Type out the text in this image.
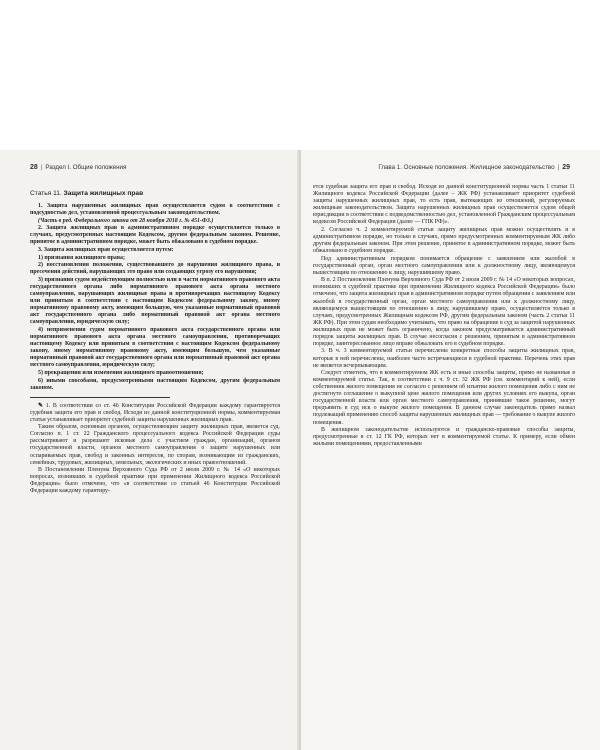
28 | Раздел I. Общие положения

Статья 11. Защита жилищных прав

1. Защита нарушенных жилищных прав осуществляется судом в соответствии с подсудностью дел, установленной процессуальным законодательством.

(Часть в ред. Федерального закона от 28 ноября 2018 г. № 451-ФЗ.)

2. Защита жилищных прав в административном порядке осуществляется только в случаях, предусмотренных настоящим Кодексом, другим федеральным законом. Решение, принятое в административном порядке, может быть обжаловано в судебном порядке.

3. Защита жилищных прав осуществляется путем:

1) признания жилищного права;

2) восстановления положения, существовавшего до нарушения жилищного права, и пресечения действий, нарушающих это право или создающих угрозу его нарушения;

3) признания судом недействующим полностью или в части нормативного правового акта государственного органа либо нормативного правового акта органа местного самоуправления, нарушающих жилищные права и противоречащих настоящему Кодексу или принятым в соответствии с настоящим Кодексом федеральному закону, иному нормативному правовому акту, имеющим большую, чем указанные нормативный правовой акт государственного органа либо нормативный правовой акт органа местного самоуправления, юридическую силу;

4) неприменения судом нормативного правового акта государственного органа или нормативного правового акта органа местного самоуправления, противоречащих настоящему Кодексу или принятым в соответствии с настоящим Кодексом федеральному закону, иному нормативному правовому акту, имеющим большую, чем указанные нормативный правовой акт государственного органа или нормативный правовой акт органа местного самоуправления, юридическую силу;

5) прекращения или изменения жилищного правоотношения;

6) иными способами, предусмотренными настоящим Кодексом, другим федеральным законом.

✎ 1. В соответствии со ст. 46 Конституции Российской Федерации каждому гарантируется судебная защита его прав и свобод. Исходя из данной конституционной нормы, комментируемая статья устанавливает приоритет судебной защиты нарушенных жилищных прав.

Таким образом, основным органом, осуществляющим защиту жилищных прав, является суд. Согласно п. 1 ст. 22 Гражданского процессуального кодекса Российской Федерации суды рассматривают и разрешают исковые дела с участием граждан, организаций, органов государственной власти, органов местного самоуправления о защите нарушенных или оспариваемых прав, свобод и законных интересов, по спорам, возникающим из гражданских, семейных, трудовых, жилищных, земельных, экологических и иных правоотношений.

В Постановлении Пленума Верховного Суда РФ от 2 июля 2009 г. № 14 «О некоторых вопросах, возникших в судебной практике при применении Жилищного кодекса Российской Федерации» было отмечено, что «в соответствии со статьей 46 Конституции Российской Федерации каждому гарантиру-

Глава 1. Основные положения. Жилищное законодательство | 29

ется судебная защита его прав и свобод. Исходя из данной конституционной нормы часть 1 статьи 11 Жилищного кодекса Российской Федерации (далее – ЖК РФ) устанавливает приоритет судебной защиты нарушенных жилищных прав, то есть прав, вытекающих из отношений, регулируемых жилищным законодательством. Защита нарушенных жилищных прав осуществляется судом общей юрисдикции в соответствии с подведомственностью дел, установленной Гражданским процессуальным кодексом Российской Федерации (далее — ГПК РФ)».

2. Согласно ч. 2 комментируемой статьи защиту жилищных прав можно осуществлять и в административном порядке, но только в случаях, прямо предусмотренных комментируемым ЖК либо другим федеральным законом. При этом решение, принятое в административном порядке, может быть обжаловано в судебном порядке.

Под административным порядком понимается обращение с заявлением или жалобой в государственный орган, орган местного самоуправления или к должностному лицу, являющемуся вышестоящим по отношению к лицу, нарушившему право.

В п. 2 Постановления Пленума Верховного Суда РФ от 2 июля 2009 г. № 14 «О некоторых вопросах, возникших в судебной практике при применении Жилищного кодекса Российской Федерации» было отмечено, что защита жилищных прав в административном порядке путем обращения с заявлением или жалобой в государственный орган, орган местного самоуправления или к должностному лицу, являющемуся вышестоящим по отношению к лицу, нарушившему право, осуществляется только в случаях, предусмотренных Жилищным кодексом РФ, другим федеральным законом (часть 2 статьи 11 ЖК РФ). При этом судам необходимо учитывать, что право на обращение в суд за защитой нарушенных жилищных прав не может быть ограничено, когда законом предусматривается административный порядок защиты жилищных прав. В случае несогласия с решением, принятым в административном порядке, заинтересованное лицо вправе обжаловать его в судебном порядке.

3. В ч. 3 комментируемой статьи перечислены конкретные способы защиты жилищных прав, которые в ней перечислены, наиболее часто встречающиеся в судебной практике. Перечень этих прав не является исчерпывающим.

Следует отметить, что в комментируемом ЖК есть и иные способы защиты, прямо не названные в комментируемой статье. Так, в соответствии с ч. 9 ст. 32 ЖК РФ (см. комментарий к ней), если собственник жилого помещения не согласен с решением об изъятии жилого помещения либо с ним не достигнуто соглашение о выкупной цене жилого помещения или других условиях его выкупа, орган государственной власти или орган местного самоуправления, принявшие такое решение, могут предъявить в суд иск о выкупе жилого помещения. В данном случае законодатель прямо назвал подлежащий применению способ защиты нарушенных жилищных прав — требование о выкупе жилого помещения.

В жилищном законодательстве используются и гражданско-правовые способы защиты, предусмотренные в ст. 12 ГК РФ, которых нет в комментируемой статье. К примеру, если обмен жилыми помещениями, предоставленными
